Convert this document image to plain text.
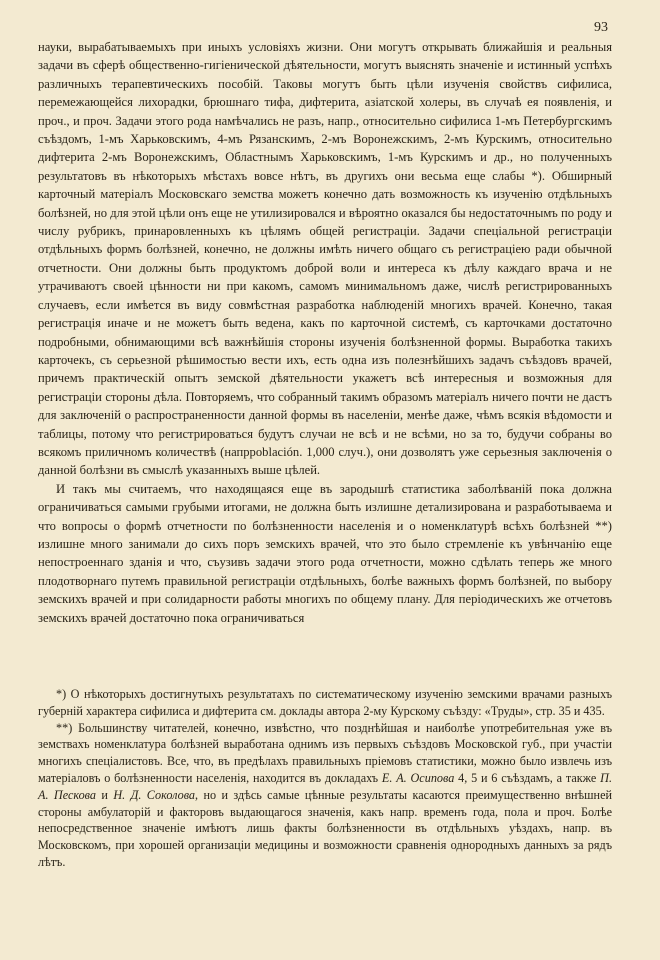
93

науки, вырабатываемыхъ при иныхъ условіяхъ жизни. Они могутъ открывать ближайшія и реальныя задачи въ сферѣ общественно-гигіенической дѣятельности, могутъ выяснять значеніе и истинный успѣхъ различныхъ терапевтическихъ пособій. Таковы могутъ быть цѣли изученія свойствъ сифилиса, перемежающейся лихорадки, брюшнаго тифа, дифтерита, азіатской холеры, въ случаѣ ея появленія, и проч., и проч. Задачи этого рода намѣчались не разъ, напр., относительно сифилиса 1-мъ Петербургскимъ съѣздомъ, 1-мъ Харьковскимъ, 4-мъ Рязанскимъ, 2-мъ Воронежскимъ, 2-мъ Курскимъ, относительно дифтерита 2-мъ Воронежскимъ, Областнымъ Харьковскимъ, 1-мъ Курскимъ и др., но полученныхъ результатовъ въ нѣкоторыхъ мѣстахъ вовсе нѣтъ, въ другихъ они весьма еще слабы *). Обширный карточный матеріалъ Московскаго земства можетъ конечно дать возможность къ изученію отдѣльныхъ болѣзней, но для этой цѣли онъ еще не утилизировался и вѣроятно оказался бы недостаточнымъ по роду и числу рубрикъ, принаровленныхъ къ цѣлямъ общей регистраціи. Задачи спеціальной регистраціи отдѣльныхъ формъ болѣзней, конечно, не должны имѣть ничего общаго съ регистраціею ради обычной отчетности. Они должны быть продуктомъ доброй воли и интереса къ дѣлу каждаго врача и не утрачиваютъ своей цѣнности ни при какомъ, самомъ минимальномъ даже, числѣ регистрированныхъ случаевъ, если имѣется въ виду совмѣстная разработка наблюденій многихъ врачей. Конечно, такая регистрація иначе и не можетъ быть ведена, какъ по карточной системѣ, съ карточками достаточно подробными, обнимающими всѣ важнѣйшія стороны изученія болѣзненной формы. Выработка такихъ карточекъ, съ серьезной рѣшимостью вести ихъ, есть одна изъ полезнѣйшихъ задачъ съѣздовъ врачей, причемъ практическій опытъ земской дѣятельности укажетъ всѣ интересныя и возможныя для регистраціи стороны дѣла. Повторяемъ, что собранный такимъ образомъ матеріалъ ничего почти не дастъ для заключеній о распространенности данной формы въ населеніи, менѣе даже, чѣмъ всякія вѣдомости и таблицы, потому что регистрироваться будутъ случаи не всѣ и не всѣми, но за то, будучи собраны во всякомъ приличномъ количествѣ (напрpoblación. 1,000 случ.), они дозволятъ уже серьезныя заключенія о данной болѣзни въ смыслѣ указанныхъ выше цѣлей.

И такъ мы считаемъ, что находящаяся еще въ зародышѣ статистика заболѣваній пока должна ограничиваться самыми грубыми итогами, не должна быть излишне детализирована и разработываема и что вопросы о формѣ отчетности по болѣзненности населенія и о номенклатурѣ всѣхъ болѣзней **) излишне много занимали до сихъ поръ земскихъ врачей, что это было стремленіе къ увѣнчанію еще непостроеннаго зданія и что, съузивъ задачи этого рода отчетности, можно сдѣлать теперь же много плодотворнаго путемъ правильной регистраціи отдѣльныхъ, болѣе важныхъ формъ болѣзней, по выбору земскихъ врачей и при солидарности работы многихъ по общему плану. Для періодическихъ же отчетовъ земскихъ врачей достаточно пока ограничиваться

*) О нѣкоторыхъ достигнутыхъ результатахъ по систематическому изученію земскими врачами разныхъ губерній характера сифилиса и дифтерита см. доклады автора 2-му Курскому съѣзду: «Труды», стр. 35 и 435.

**) Большинству читателей, конечно, извѣстно, что позднѣйшая и наиболѣе употребительная уже въ земствахъ номенклатура болѣзней выработана однимъ изъ первыхъ съѣздовъ Московской губ., при участіи многихъ спеціалистовъ. Все, что, въ предѣлахъ правильныхъ пріемовъ статистики, можно было извлечь изъ матеріаловъ о болѣзненности населенія, находится въ докладахъ Е. А. Осипова 4, 5 и 6 съѣздамъ, а также П. А. Пескова и Н. Д. Соколова, но и здѣсь самые цѣнные результаты касаются преимущественно внѣшней стороны амбулаторій и факторовъ выдающагося значенія, какъ напр. временъ года, пола и проч. Болѣе непосредственное значеніе имѣютъ лишь факты болѣзненности въ отдѣльныхъ уѣздахъ, напр. въ Московскомъ, при хорошей организаціи медицины и возможности сравненія однородныхъ данныхъ за рядъ лѣтъ.
